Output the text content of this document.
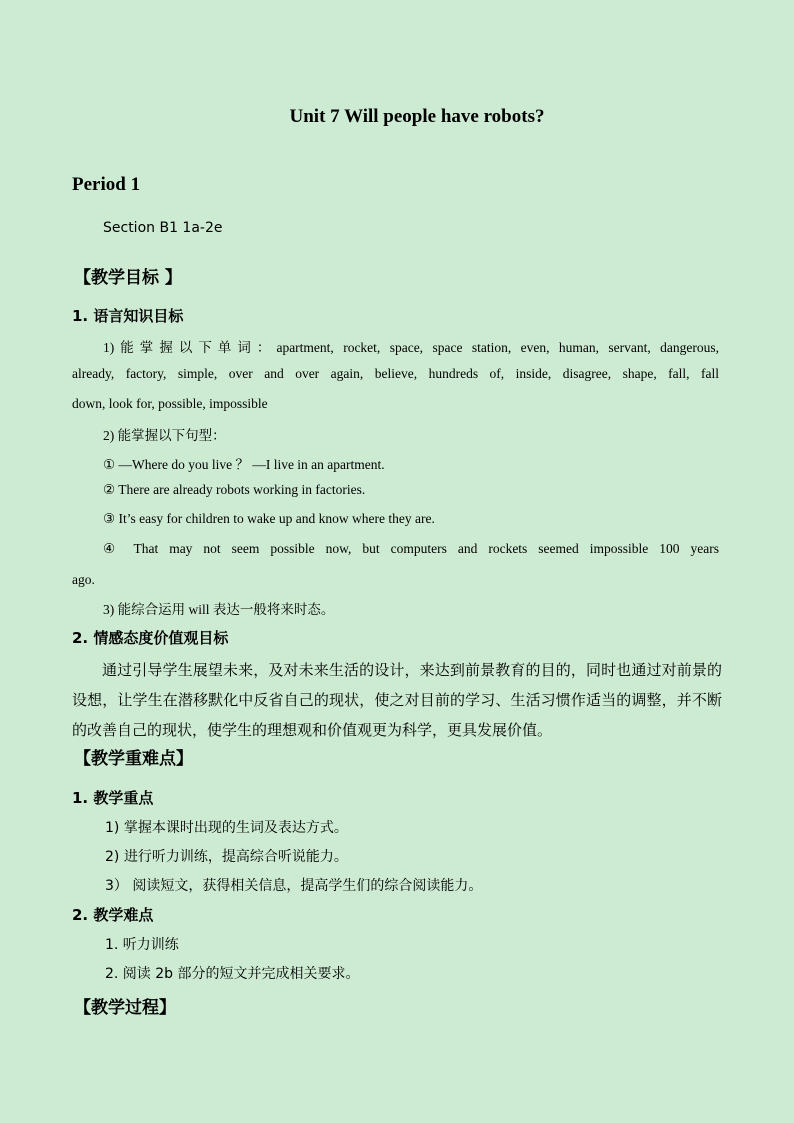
Unit 7 Will people have robots?
Period 1
Section B1 1a-2e
【教学目标 】
1. 语言知识目标
1)能掌握以下单词：apartment, rocket, space, space station, even, human, servant, dangerous,
already, factory, simple, over and over again, believe, hundreds of, inside, disagree, shape, fall, fall
down, look for, possible, impossible
2) 能掌握以下句型：
① —Where do you live ？ —I live in an apartment.
② There are already robots working in factories.
③ It’s easy for children to wake up and know where they are.
④ That may not seem possible now, but computers and rockets seemed impossible 100 years
ago.
3) 能综合运用 will 表达一般将来时态。
2. 情感态度价值观目标
通过引导学生展望未来，及对未来生活的设计，来达到前景教育的目的，同时也通过对前景的设想，让学生在潜移默化中反省自己的现状，使之对目前的学习、生活习惯作适当的调整，并不断的改善自己的现状，使学生的理想观和价值观更为科学，更具发展价值。
【教学重难点】
1. 教学重点
1) 掌握本课时出现的生词及表达方式。
2) 进行听力训练，提高综合听说能力。
3） 阅读短文，获得相关信息，提高学生们的综合阅读能力。
2. 教学难点
1. 听力训练
2. 阅读 2b 部分的短文并完成相关要求。
【教学过程】
